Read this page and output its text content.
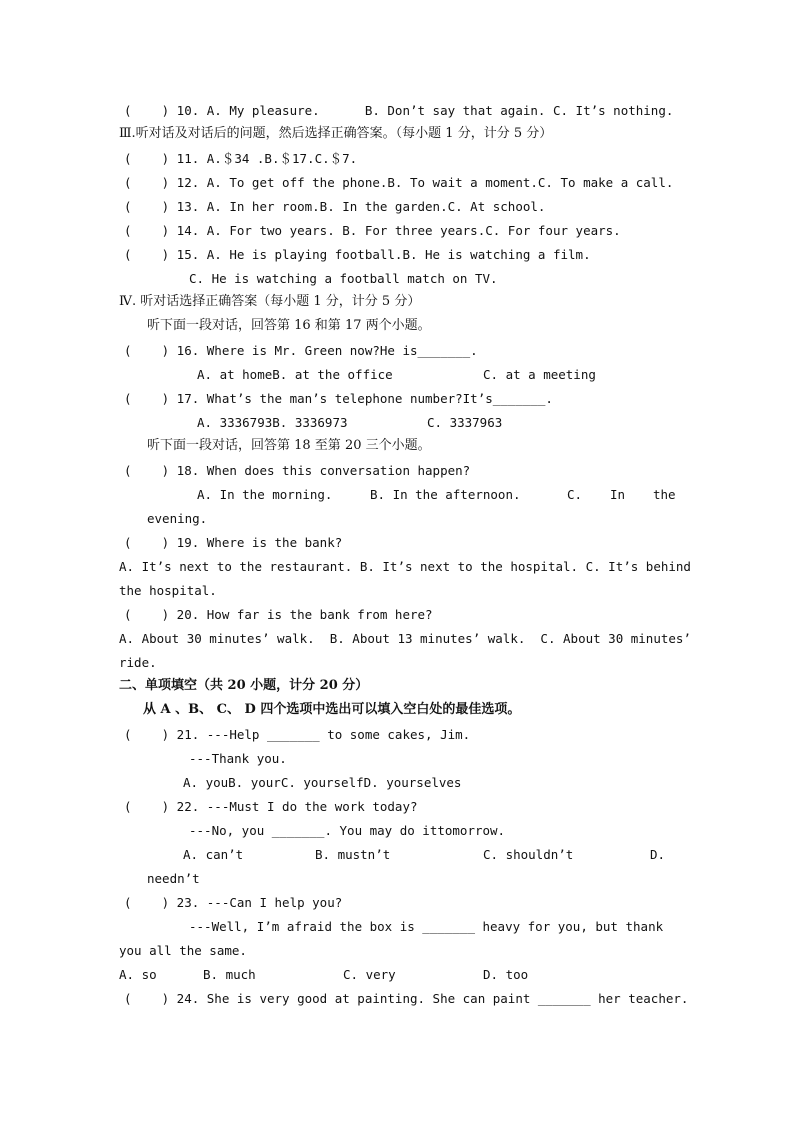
(    ) 10. A. My pleasure.      B. Don’t say that again. C. It’s nothing.
Ⅲ.听对话及对话后的问题，然后选择正确答案。（每小题 1 分，计分 5 分）
(    ) 11. A.＄34 .B.＄17.C.＄7.
(    ) 12. A. To get off the phone.B. To wait a moment.C. To make a call.
(    ) 13. A. In her room.B. In the garden.C. At school.
(    ) 14. A. For two years. B. For three years.C. For four years.
(    ) 15. A. He is playing football.B. He is watching a film.
C. He is watching a football match on TV.
Ⅳ. 听对话选择正确答案（每小题 1 分，计分 5 分）
听下面一段对话，回答第 16 和第 17 两个小题。
(    ) 16. Where is Mr. Green now?He is_______.

A. at homeB. at the office

	C. at a meeting

(    ) 17. What’s the man’s telephone number?It’s_______.

A. 3336793B. 3336973

	C. 3337963

听下面一段对话，回答第 18 至第 20 三个小题。
(    ) 18. When does this conversation happen?

A. In the morning.

	B. In the afternoon.

	C.

In

the

evening.
(    ) 19. Where is the bank?
A. It’s next to the restaurant. B. It’s next to the hospital. C. It’s behind
the hospital.
(    ) 20. How far is the bank from here?
A. About 30 minutes’ walk.  B. About 13 minutes’ walk.  C. About 30 minutes’
ride.
二、单项填空（共 20 小题，计分 20 分）
从 A 、B、 C、 D 四个选项中选出可以填入空白处的最佳选项。
(    ) 21. ---Help _______ to some cakes, Jim.
---Thank you.
A. youB. yourC. yourselfD. yourselves
(    ) 22. ---Must I do the work today?
---No, you _______. You may do ittomorrow.

A. can’t

	B. mustn’t

	C. shouldn’t

	D.

needn’t
(    ) 23. ---Can I help you?
---Well, I’m afraid the box is _______ heavy for you, but thank
you all the same.

A. so

	B. much

	C. very

	D. too

(    ) 24. She is very good at painting. She can paint _______ her teacher.
